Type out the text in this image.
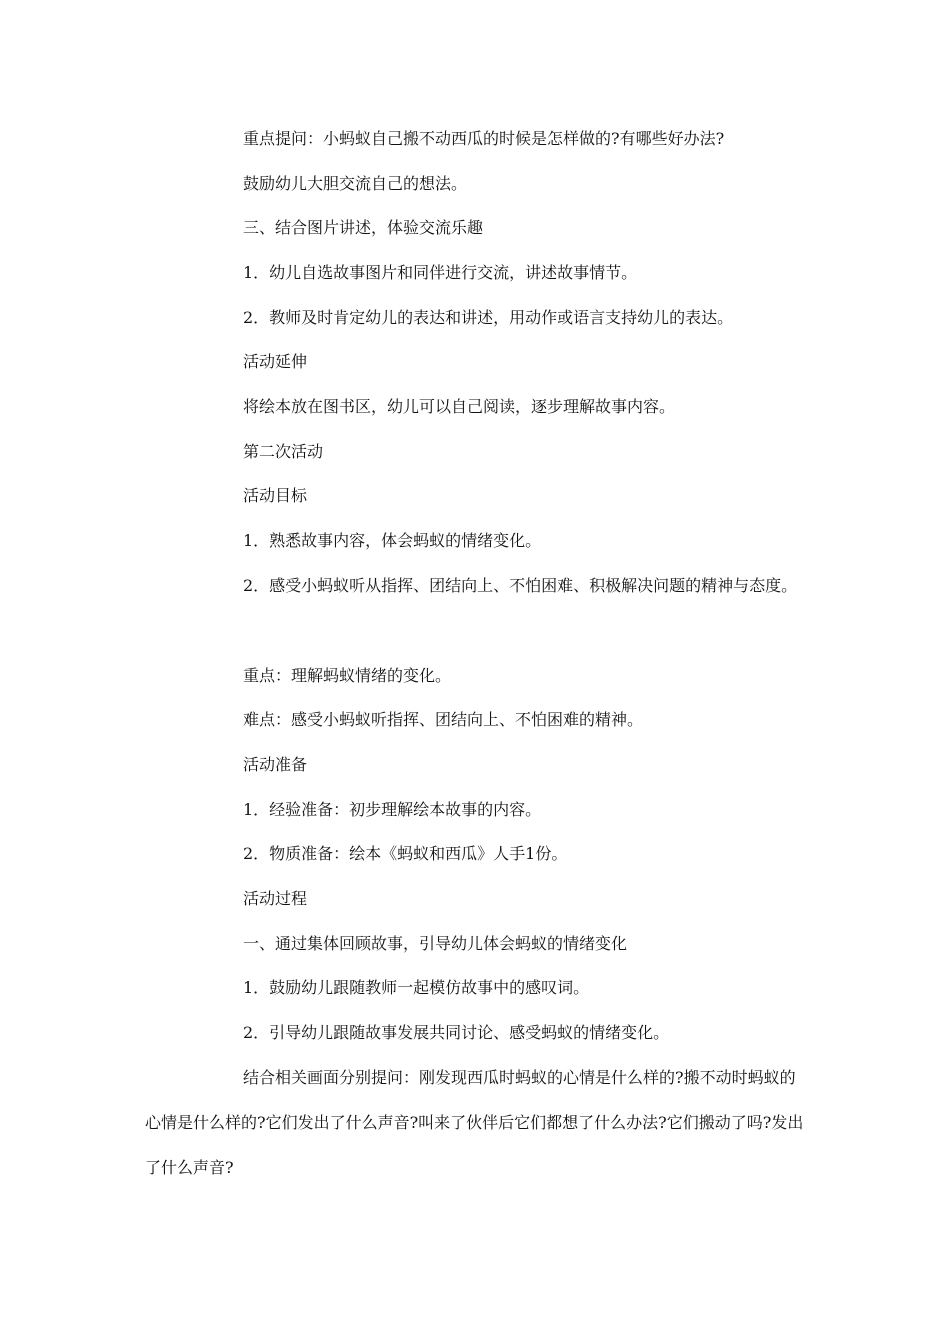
重点提问：小蚂蚁自己搬不动西瓜的时候是怎样做的?有哪些好办法?

鼓励幼儿大胆交流自己的想法。

三、结合图片讲述，体验交流乐趣

1．幼儿自选故事图片和同伴进行交流，讲述故事情节。

2．教师及时肯定幼儿的表达和讲述，用动作或语言支持幼儿的表达。

活动延伸

将绘本放在图书区，幼儿可以自己阅读，逐步理解故事内容。

第二次活动

活动目标

1．熟悉故事内容，体会蚂蚁的情绪变化。

2．感受小蚂蚁听从指挥、团结向上、不怕困难、积极解决问题的精神与态度。

重点：理解蚂蚁情绪的变化。

难点：感受小蚂蚁听指挥、团结向上、不怕困难的精神。

活动准备

1．经验准备：初步理解绘本故事的内容。

2．物质准备：绘本《蚂蚁和西瓜》人手1份。

活动过程

一、通过集体回顾故事，引导幼儿体会蚂蚁的情绪变化

1．鼓励幼儿跟随教师一起模仿故事中的感叹词。

2．引导幼儿跟随故事发展共同讨论、感受蚂蚁的情绪变化。

结合相关画面分别提问：刚发现西瓜时蚂蚁的心情是什么样的?搬不动时蚂蚁的心情是什么样的?它们发出了什么声音?叫来了伙伴后它们都想了什么办法?它们搬动了吗?发出了什么声音?
